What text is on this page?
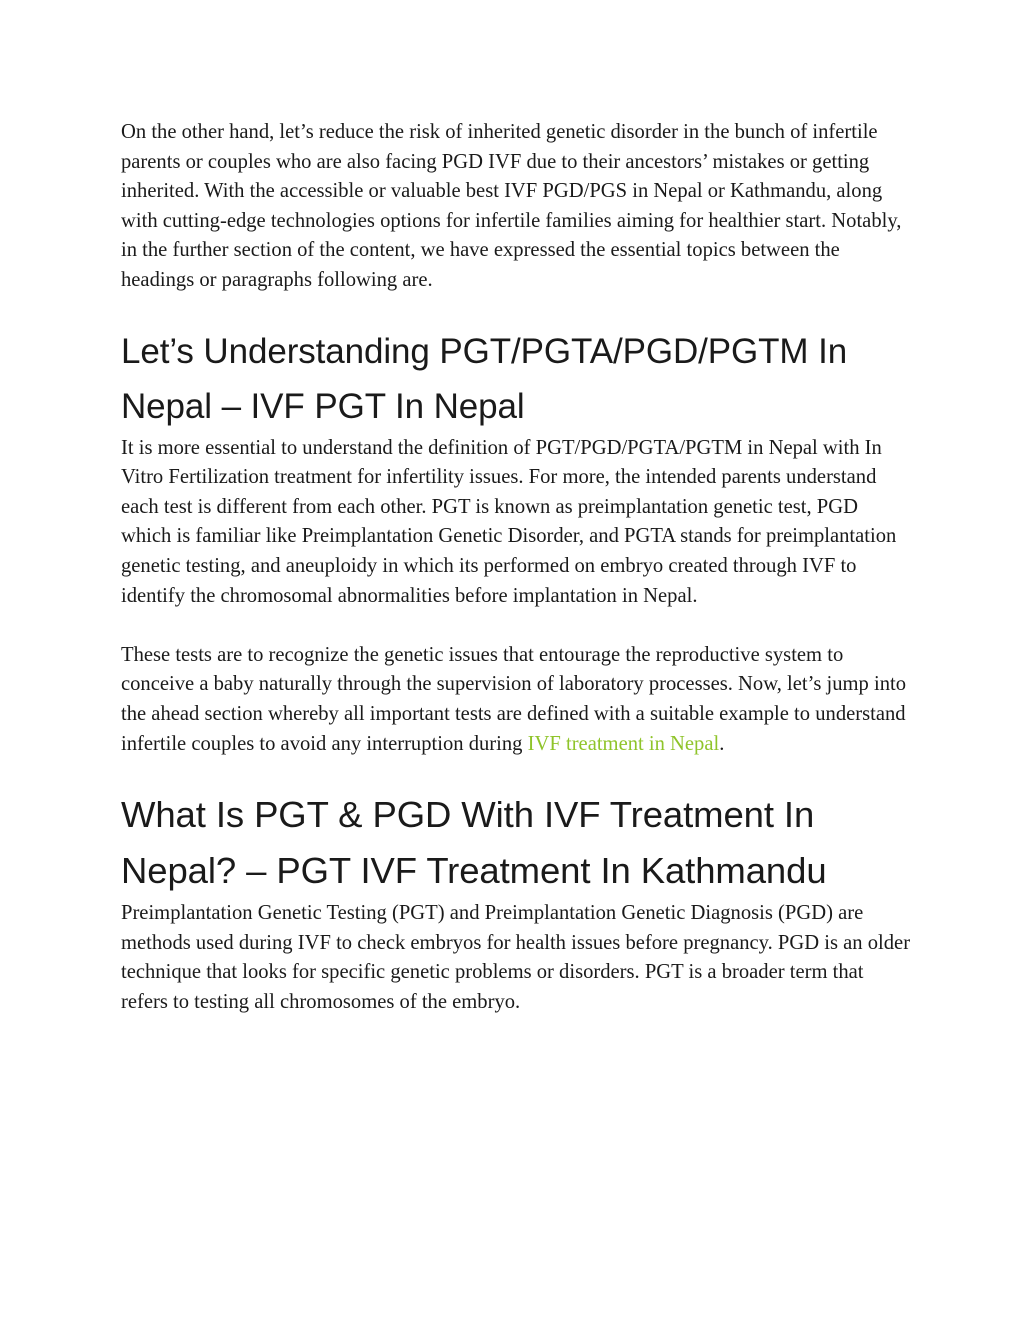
On the other hand, let’s reduce the risk of inherited genetic disorder in the bunch of infertile parents or couples who are also facing PGD IVF due to their ancestors’ mistakes or getting inherited. With the accessible or valuable best IVF PGD/PGS in Nepal or Kathmandu, along with cutting-edge technologies options for infertile families aiming for healthier start. Notably, in the further section of the content, we have expressed the essential topics between the headings or paragraphs following are.

Let’s Understanding PGT/PGTA/PGD/PGTM In Nepal – IVF PGT In Nepal

It is more essential to understand the definition of PGT/PGD/PGTA/PGTM in Nepal with In Vitro Fertilization treatment for infertility issues. For more, the intended parents understand each test is different from each other. PGT is known as preimplantation genetic test, PGD which is familiar like Preimplantation Genetic Disorder, and PGTA stands for preimplantation genetic testing, and aneuploidy in which its performed on embryo created through IVF to identify the chromosomal abnormalities before implantation in Nepal.

These tests are to recognize the genetic issues that entourage the reproductive system to conceive a baby naturally through the supervision of laboratory processes. Now, let’s jump into the ahead section whereby all important tests are defined with a suitable example to understand infertile couples to avoid any interruption during IVF treatment in Nepal.

What Is PGT & PGD With IVF Treatment In Nepal? – PGT IVF Treatment In Kathmandu

Preimplantation Genetic Testing (PGT) and Preimplantation Genetic Diagnosis (PGD) are methods used during IVF to check embryos for health issues before pregnancy. PGD is an older technique that looks for specific genetic problems or disorders. PGT is a broader term that refers to testing all chromosomes of the embryo.
